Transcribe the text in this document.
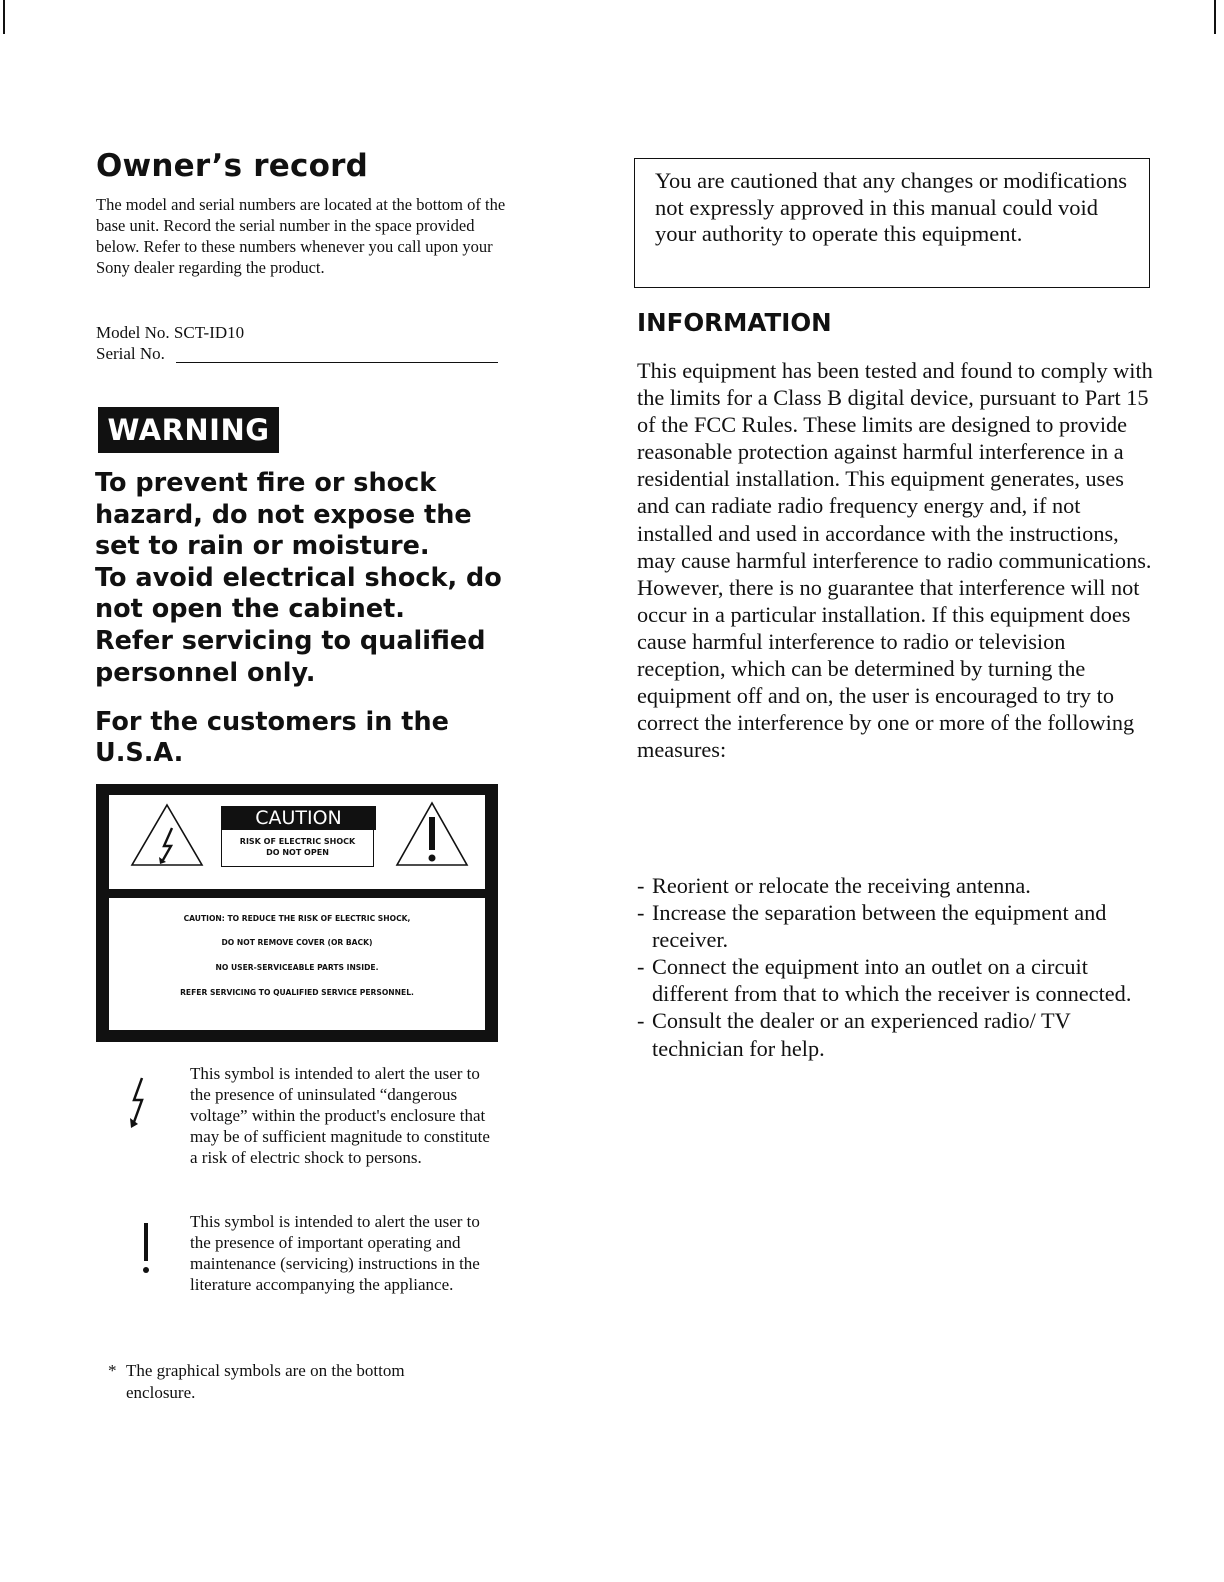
Owner’s record
The model and serial numbers are located at the bottom of the base unit. Record the serial number in the space provided below. Refer to these numbers whenever you call upon your Sony dealer regarding the product.
Model No. SCT-ID10
Serial No.
WARNING
To prevent fire or shock
hazard, do not expose the
set to rain or moisture.
To avoid electrical shock, do
not open the cabinet.
Refer servicing to qualified
personnel only.
For the customers in the
U.S.A.
CAUTION
RISK OF ELECTRIC SHOCK
DO NOT OPEN
CAUTION: TO REDUCE THE RISK OF ELECTRIC SHOCK,
DO NOT REMOVE COVER (OR BACK)
NO USER-SERVICEABLE PARTS INSIDE.
REFER SERVICING TO QUALIFIED SERVICE PERSONNEL.
This symbol is intended to alert the user to the presence of uninsulated “dangerous voltage” within the product's enclosure that may be of sufficient magnitude to constitute a risk of electric shock to persons.
This symbol is intended to alert the user to the presence of important operating and maintenance (servicing) instructions in the literature accompanying the appliance.
* The graphical symbols are on the bottom
enclosure.
You are cautioned that any changes or modifications not expressly approved in this manual could void your authority to operate this equipment.
INFORMATION
This equipment has been tested and found to comply with the limits for a Class B digital device, pursuant to Part 15 of the FCC Rules. These limits are designed to provide reasonable protection against harmful interference in a residential installation. This equipment generates, uses and can radiate radio frequency energy and, if not installed and used in accordance with the instructions, may cause harmful interference to radio communications. However, there is no guarantee that interference will not occur in a particular installation. If this equipment does cause harmful interference to radio or television reception, which can be determined by turning the equipment off and on, the user is encouraged to try to correct the interference by one or more of the following measures:
- Reorient or relocate the receiving antenna.
- Increase the separation between the equipment and receiver.
- Connect the equipment into an outlet on a circuit different from that to which the receiver is connected.
- Consult the dealer or an experienced radio/ TV technician for help.
